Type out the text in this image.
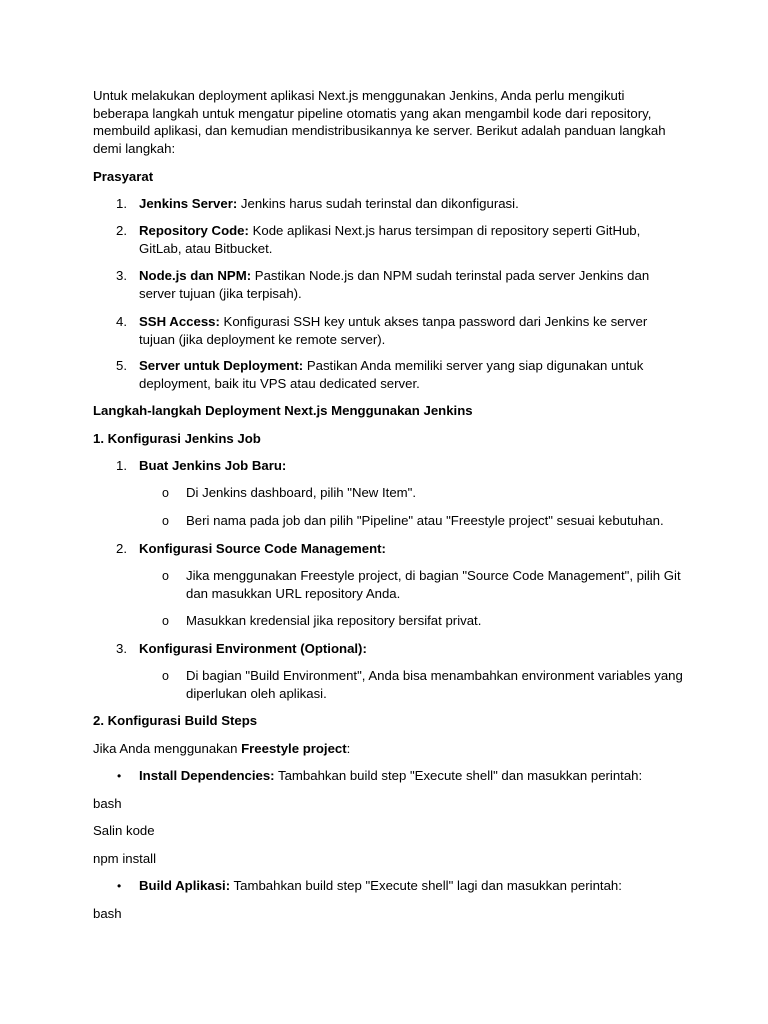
Untuk melakukan deployment aplikasi Next.js menggunakan Jenkins, Anda perlu mengikuti beberapa langkah untuk mengatur pipeline otomatis yang akan mengambil kode dari repository, membuild aplikasi, dan kemudian mendistribusikannya ke server. Berikut adalah panduan langkah demi langkah:

Prasyarat

1. Jenkins Server: Jenkins harus sudah terinstal dan dikonfigurasi.

2. Repository Code: Kode aplikasi Next.js harus tersimpan di repository seperti GitHub, GitLab, atau Bitbucket.

3. Node.js dan NPM: Pastikan Node.js dan NPM sudah terinstal pada server Jenkins dan server tujuan (jika terpisah).

4. SSH Access: Konfigurasi SSH key untuk akses tanpa password dari Jenkins ke server tujuan (jika deployment ke remote server).

5. Server untuk Deployment: Pastikan Anda memiliki server yang siap digunakan untuk deployment, baik itu VPS atau dedicated server.

Langkah-langkah Deployment Next.js Menggunakan Jenkins

1. Konfigurasi Jenkins Job

1. Buat Jenkins Job Baru:

o	Di Jenkins dashboard, pilih "New Item".

o	Beri nama pada job dan pilih "Pipeline" atau "Freestyle project" sesuai kebutuhan.

2. Konfigurasi Source Code Management:

o	Jika menggunakan Freestyle project, di bagian "Source Code Management", pilih Git dan masukkan URL repository Anda.

o	Masukkan kredensial jika repository bersifat privat.

3. Konfigurasi Environment (Optional):

o	Di bagian "Build Environment", Anda bisa menambahkan environment variables yang diperlukan oleh aplikasi.

2. Konfigurasi Build Steps

Jika Anda menggunakan Freestyle project:

•	Install Dependencies: Tambahkan build step "Execute shell" dan masukkan perintah:

bash

Salin kode

npm install

•	Build Aplikasi: Tambahkan build step "Execute shell" lagi dan masukkan perintah:

bash
